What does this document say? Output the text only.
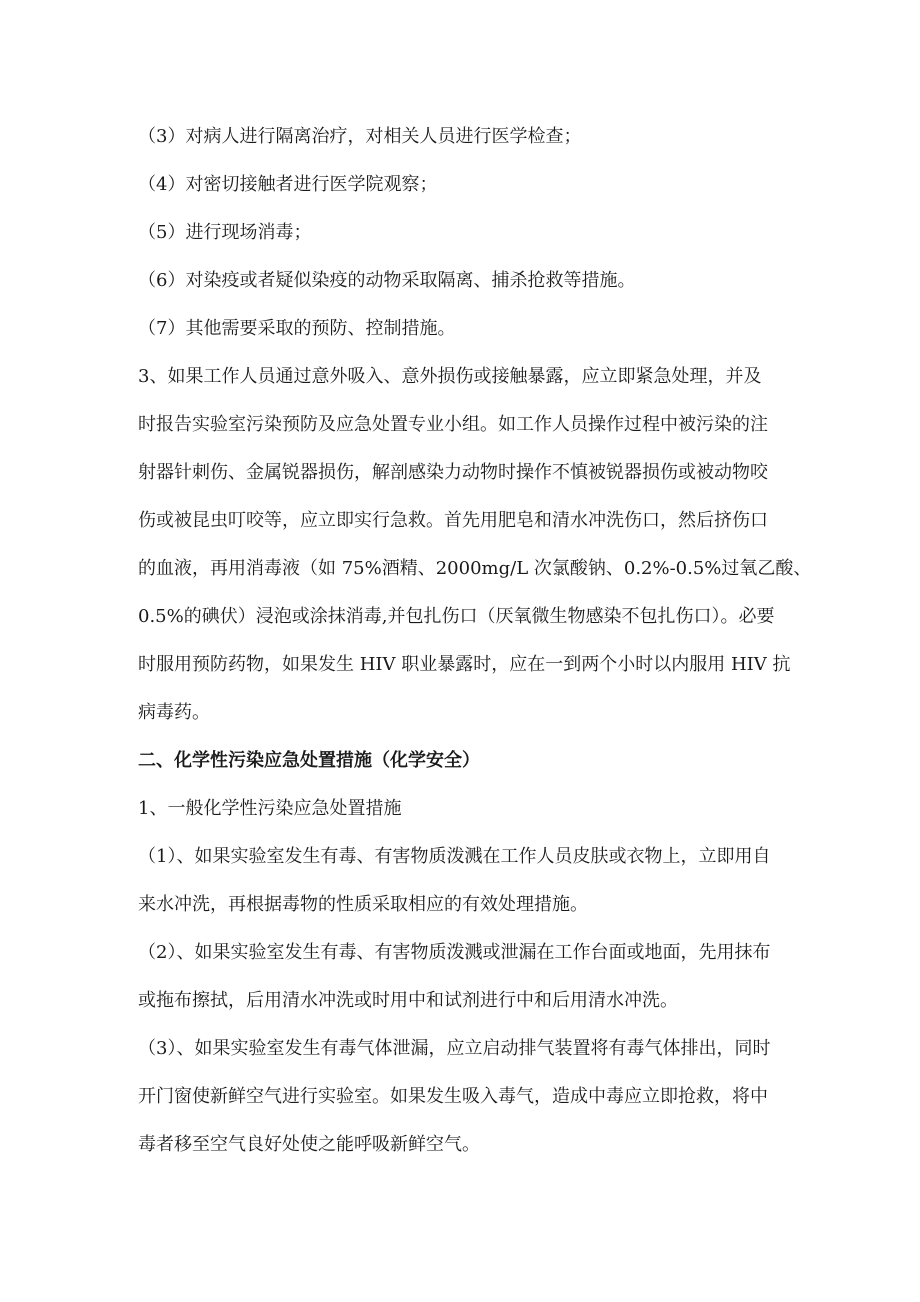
（3）对病人进行隔离治疗，对相关人员进行医学检查；
（4）对密切接触者进行医学院观察；
（5）进行现场消毒；
（6）对染疫或者疑似染疫的动物采取隔离、捕杀抢救等措施。
（7）其他需要采取的预防、控制措施。
3、如果工作人员通过意外吸入、意外损伤或接触暴露，应立即紧急处理，并及
时报告实验室污染预防及应急处置专业小组。如工作人员操作过程中被污染的注
射器针刺伤、金属锐器损伤，解剖感染力动物时操作不慎被锐器损伤或被动物咬
伤或被昆虫叮咬等，应立即实行急救。首先用肥皂和清水冲洗伤口，然后挤伤口
的血液，再用消毒液（如 75%酒精、2000mg/L 次氯酸钠、0.2%-0.5%过氧乙酸、
0.5%的碘伏）浸泡或涂抹消毒,并包扎伤口（厌氧微生物感染不包扎伤口）。必要
时服用预防药物，如果发生 HIV 职业暴露时，应在一到两个小时以内服用 HIV 抗
病毒药。
二、化学性污染应急处置措施（化学安全）
1、一般化学性污染应急处置措施
（1）、如果实验室发生有毒、有害物质泼溅在工作人员皮肤或衣物上，立即用自
来水冲洗，再根据毒物的性质采取相应的有效处理措施。
（2）、如果实验室发生有毒、有害物质泼溅或泄漏在工作台面或地面，先用抹布
或拖布擦拭，后用清水冲洗或时用中和试剂进行中和后用清水冲洗。
（3）、如果实验室发生有毒气体泄漏，应立启动排气装置将有毒气体排出，同时
开门窗使新鲜空气进行实验室。如果发生吸入毒气，造成中毒应立即抢救，将中
毒者移至空气良好处使之能呼吸新鲜空气。
